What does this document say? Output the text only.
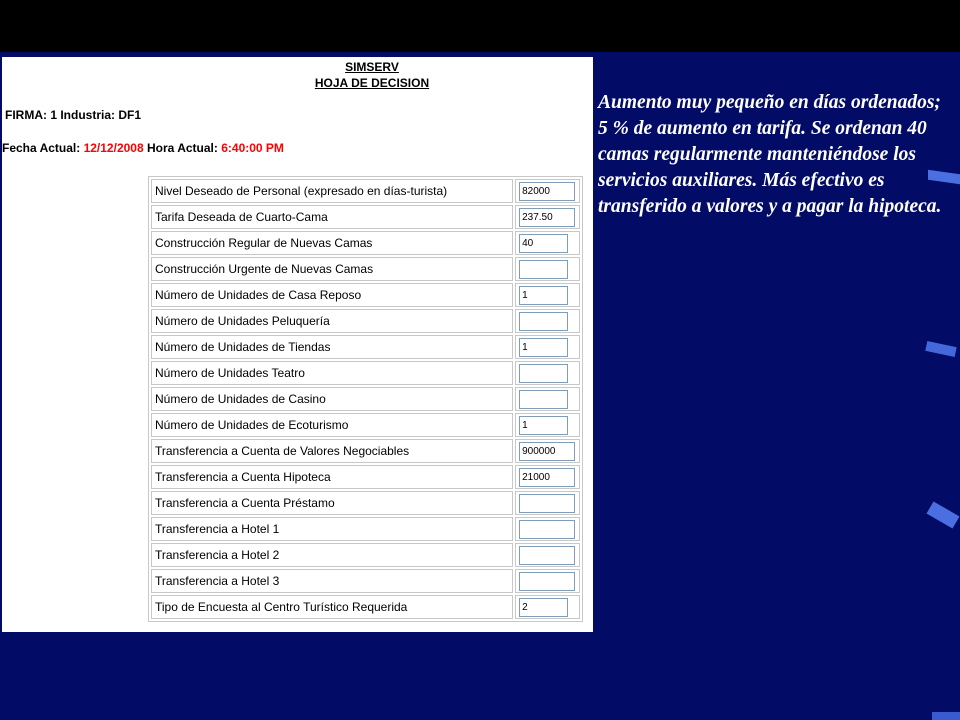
SIMSERV
HOJA DE DECISION
FIRMA: 1 Industria: DF1
Fecha Actual: 12/12/2008 Hora Actual: 6:40:00 PM
Nivel Deseado de Personal (expresado en días-turista)	82000

Tarifa Deseada de Cuarto-Cama	237.50

Construcción Regular de Nuevas Camas	40

Construcción Urgente de Nuevas Camas	

Número de Unidades de Casa Reposo	1

Número de Unidades Peluquería	

Número de Unidades de Tiendas	1

Número de Unidades Teatro	

Número de Unidades de Casino	

Número de Unidades de Ecoturismo	1

Transferencia a Cuenta de Valores Negociables	900000

Transferencia a Cuenta Hipoteca	21000

Transferencia a Cuenta Préstamo	

Transferencia a Hotel 1	

Transferencia a Hotel 2	

Transferencia a Hotel 3	

Tipo de Encuesta al Centro Turístico Requerida	2
Aumento muy pequeño en días ordenados; 5 % de aumento en tarifa. Se ordenan 40 camas regularmente manteniéndose los servicios auxiliares. Más efectivo es transferido a valores y a pagar la hipoteca.
